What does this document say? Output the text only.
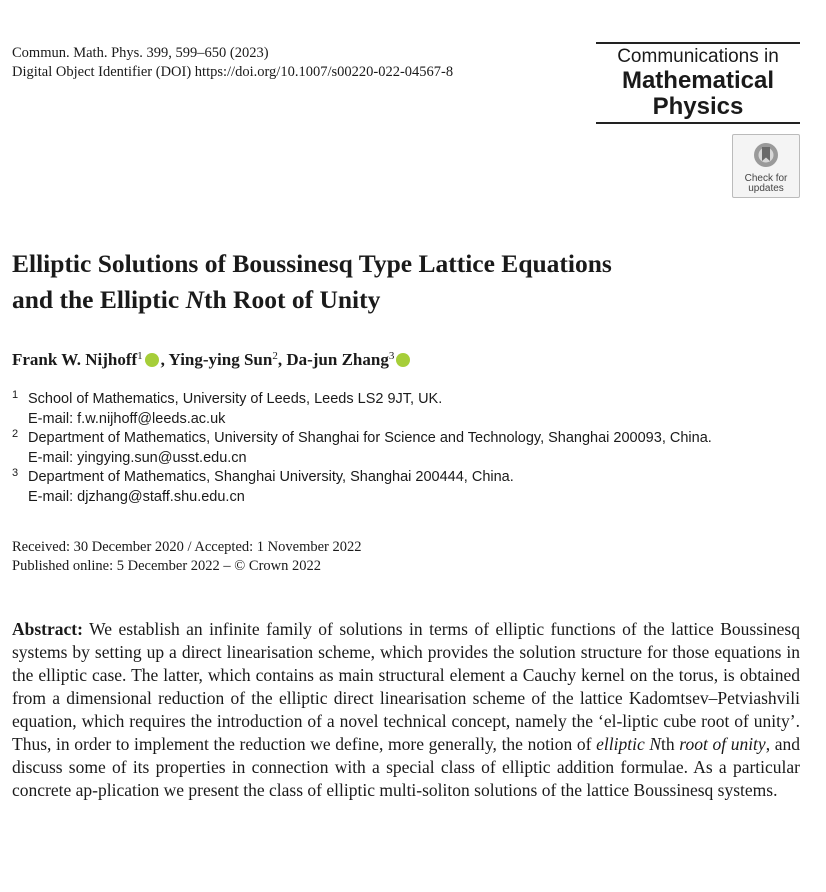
Commun. Math. Phys. 399, 599–650 (2023)
Digital Object Identifier (DOI) https://doi.org/10.1007/s00220-022-04567-8
Communications in
Mathematical
Physics
Check for
updates
Elliptic Solutions of Boussinesq Type Lattice Equations
and the Elliptic Nth Root of Unity
Frank W. Nijhoff$^1$ , Ying-ying Sun$^2$, Da-jun Zhang$^3$
1 School of Mathematics, University of Leeds, Leeds LS2 9JT, UK.
E-mail: f.w.nijhoff@leeds.ac.uk
2 Department of Mathematics, University of Shanghai for Science and Technology, Shanghai 200093, China.
E-mail: yingying.sun@usst.edu.cn
3 Department of Mathematics, Shanghai University, Shanghai 200444, China.
E-mail: djzhang@staff.shu.edu.cn
Received: 30 December 2020 / Accepted: 1 November 2022
Published online: 5 December 2022 – © Crown 2022
Abstract: We establish an infinite family of solutions in terms of elliptic functions of the lattice Boussinesq systems by setting up a direct linearisation scheme, which provides the solution structure for those equations in the elliptic case. The latter, which contains as main structural element a Cauchy kernel on the torus, is obtained from a dimensional reduction of the elliptic direct linearisation scheme of the lattice Kadomtsev–Petviashvili equation, which requires the introduction of a novel technical concept, namely the ‘el-liptic cube root of unity’. Thus, in order to implement the reduction we define, more generally, the notion of elliptic Nth root of unity, and discuss some of its properties in connection with a special class of elliptic addition formulae. As a particular concrete ap-plication we present the class of elliptic multi-soliton solutions of the lattice Boussinesq systems.
